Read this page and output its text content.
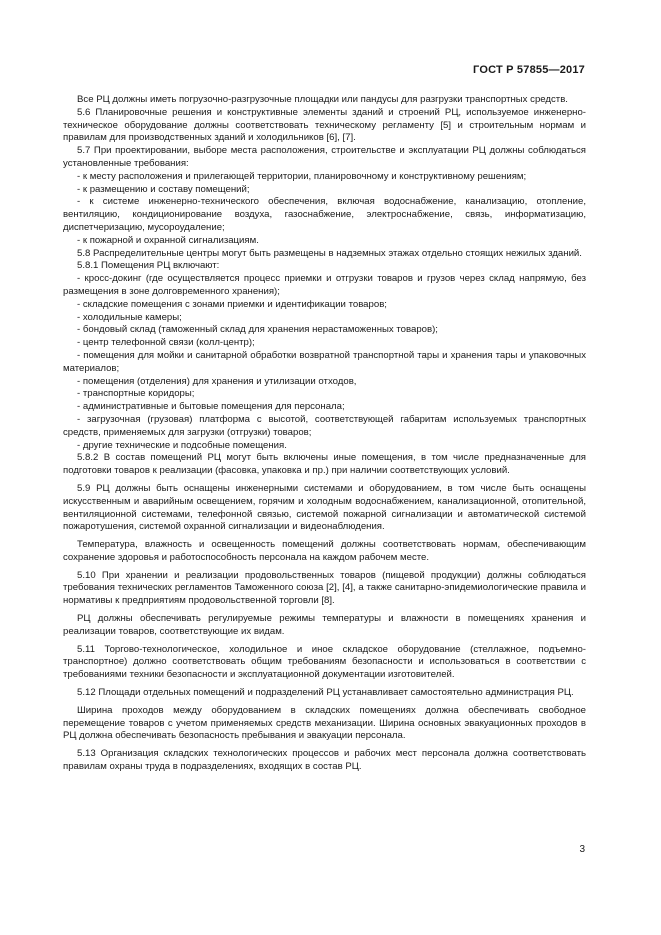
ГОСТ Р 57855—2017

Все РЦ должны иметь погрузочно-разгрузочные площадки или пандусы для разгрузки транспортных средств.

5.6 Планировочные решения и конструктивные элементы зданий и строений РЦ, используемое инженерно-техническое оборудование должны соответствовать техническому регламенту [5] и строительным нормам и правилам для производственных зданий и холодильников [6], [7].

5.7 При проектировании, выборе места расположения, строительстве и эксплуатации РЦ должны соблюдаться установленные требования:

- к месту расположения и прилегающей территории, планировочному и конструктивному решениям;

- к размещению и составу помещений;

- к системе инженерно-технического обеспечения, включая водоснабжение, канализацию, отопление, вентиляцию, кондиционирование воздуха, газоснабжение, электроснабжение, связь, информатизацию, диспетчеризацию, мусороудаление;

- к пожарной и охранной сигнализациям.

5.8 Распределительные центры могут быть размещены в надземных этажах отдельно стоящих нежилых зданий.

5.8.1 Помещения РЦ включают:

- кросс-докинг (где осуществляется процесс приемки и отгрузки товаров и грузов через склад напрямую, без размещения в зоне долговременного хранения);

- складские помещения с зонами приемки и идентификации товаров;

- холодильные камеры;

- бондовый склад (таможенный склад для хранения нерастаможенных товаров);

- центр телефонной связи (колл-центр);

- помещения для мойки и санитарной обработки возвратной транспортной тары и хранения тары и упаковочных материалов;

- помещения (отделения) для хранения и утилизации отходов,

- транспортные коридоры;

- административные и бытовые помещения для персонала;

- загрузочная (грузовая) платформа с высотой, соответствующей габаритам используемых транспортных средств, применяемых для загрузки (отгрузки) товаров;

- другие технические и подсобные помещения.

5.8.2 В состав помещений РЦ могут быть включены иные помещения, в том числе предназначенные для подготовки товаров к реализации (фасовка, упаковка и пр.) при наличии соответствующих условий.

5.9 РЦ должны быть оснащены инженерными системами и оборудованием, в том числе быть оснащены искусственным и аварийным освещением, горячим и холодным водоснабжением, канализационной, отопительной, вентиляционной системами, телефонной связью, системой пожарной сигнализации и автоматической системой пожаротушения, системой охранной сигнализации и видеонаблюдения.

Температура, влажность и освещенность помещений должны соответствовать нормам, обеспечивающим сохранение здоровья и работоспособность персонала на каждом рабочем месте.

5.10 При хранении и реализации продовольственных товаров (пищевой продукции) должны соблюдаться требования технических регламентов Таможенного союза [2], [4], а также санитарно-эпидемиологические правила и нормативы к предприятиям продовольственной торговли [8].

РЦ должны обеспечивать регулируемые режимы температуры и влажности в помещениях хранения и реализации товаров, соответствующие их видам.

5.11 Торгово-технологическое, холодильное и иное складское оборудование (стеллажное, подъемно-транспортное) должно соответствовать общим требованиям безопасности и использоваться в соответствии с требованиями техники безопасности и эксплуатационной документации изготовителей.

5.12 Площади отдельных помещений и подразделений РЦ устанавливает самостоятельно администрация РЦ.

Ширина проходов между оборудованием в складских помещениях должна обеспечивать свободное перемещение товаров с учетом применяемых средств механизации. Ширина основных эвакуационных проходов в РЦ должна обеспечивать безопасность пребывания и эвакуации персонала.

5.13 Организация складских технологических процессов и рабочих мест персонала должна соответствовать правилам охраны труда в подразделениях, входящих в состав РЦ.

3
